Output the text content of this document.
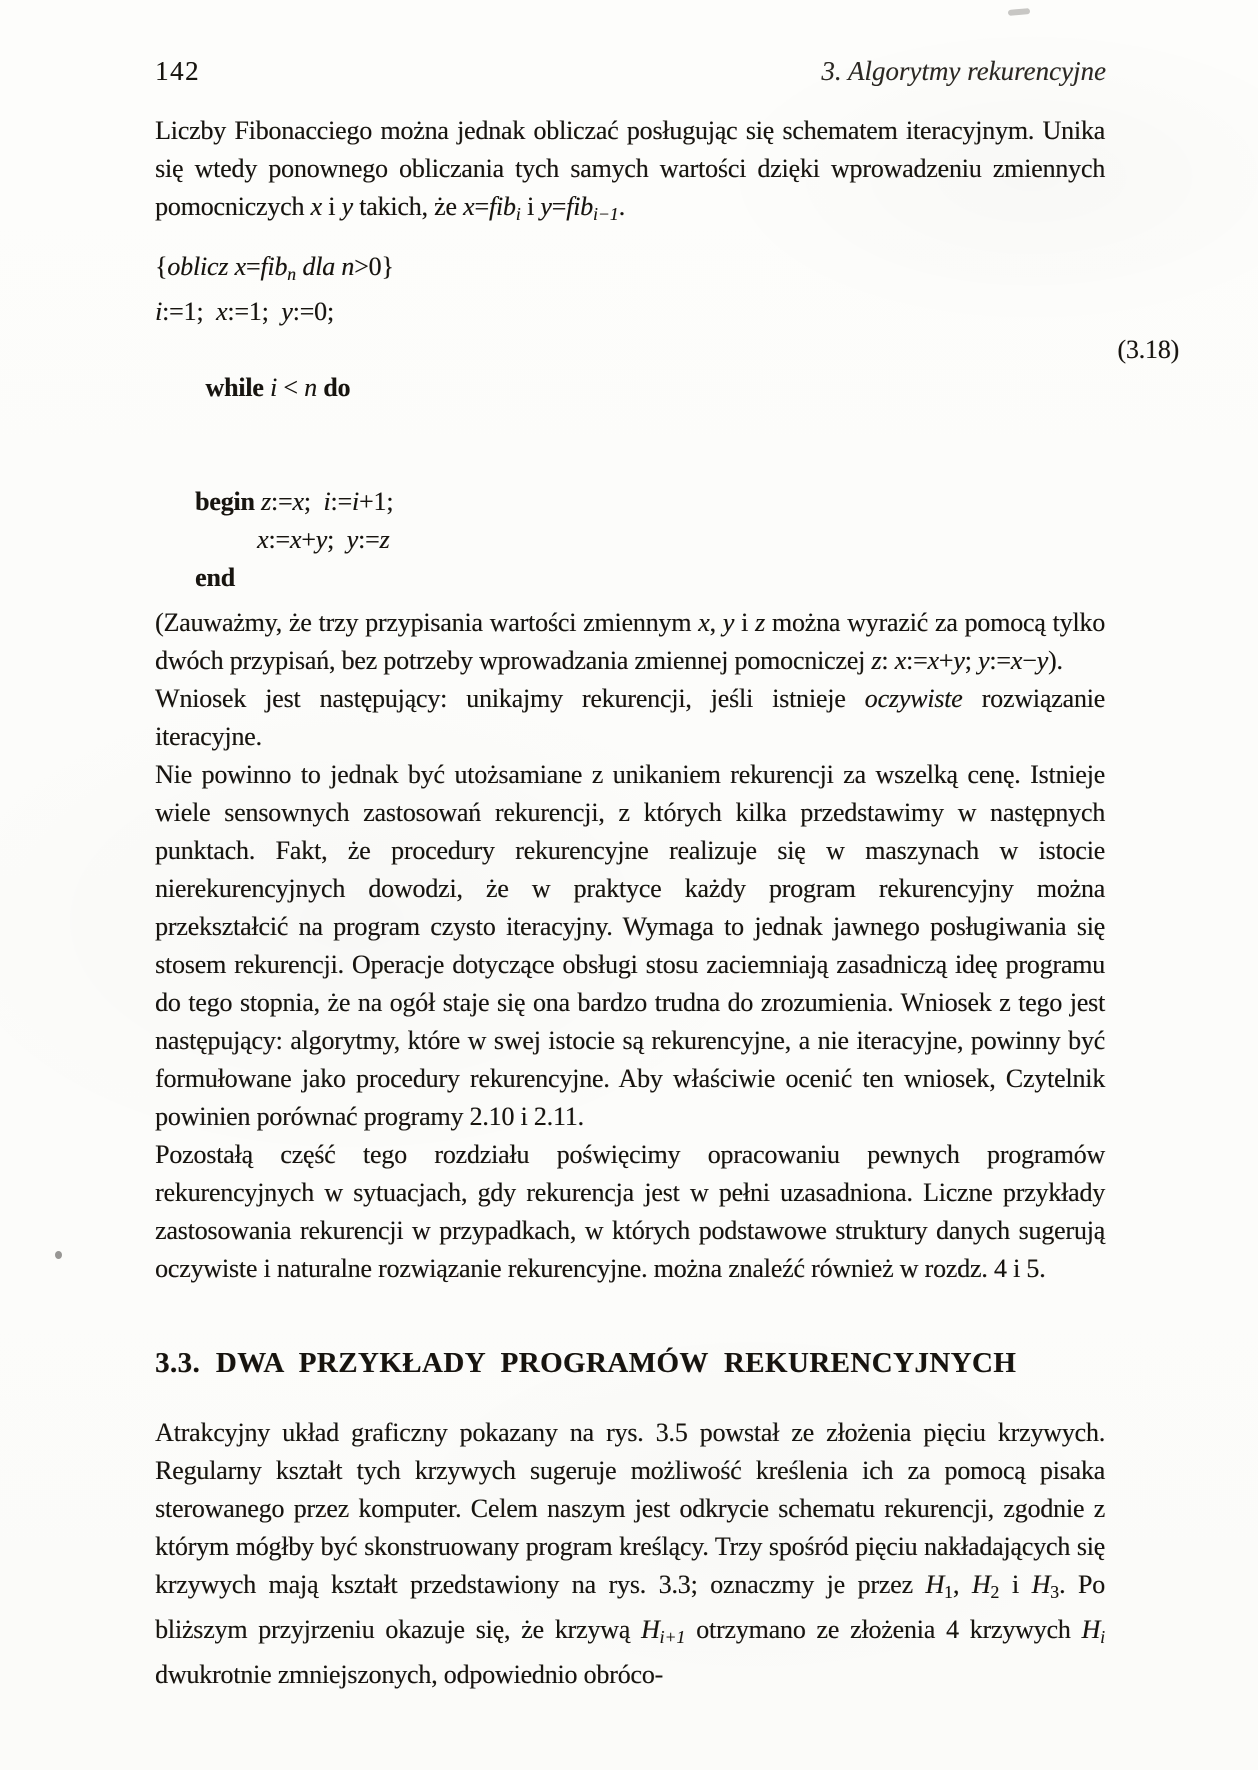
142	3. Algorytmy rekurencyjne

Liczby Fibonacciego można jednak obliczać posługując się schematem iteracyjnym. Unika się wtedy ponownego obliczania tych samych wartości dzięki wprowadzeniu zmiennych pomocniczych x i y takich, że x=fibi i y=fibi−1.

{oblicz x=fibn dla n>0}
i:=1;  x:=1;  y:=0;

while i < n do

(3.18)

begin z:=x;  i:=i+1;
x:=x+y;  y:=z
end

(Zauważmy, że trzy przypisania wartości zmiennym x, y i z można wyrazić za pomocą tylko dwóch przypisań, bez potrzeby wprowadzania zmiennej pomocniczej z: x:=x+y; y:=x−y).

Wniosek jest następujący: unikajmy rekurencji, jeśli istnieje oczywiste rozwiązanie iteracyjne.

Nie powinno to jednak być utożsamiane z unikaniem rekurencji za wszelką cenę. Istnieje wiele sensownych zastosowań rekurencji, z których kilka przedstawimy w następnych punktach. Fakt, że procedury rekurencyjne realizuje się w maszynach w istocie nierekurencyjnych dowodzi, że w praktyce każdy program rekurencyjny można przekształcić na program czysto iteracyjny. Wymaga to jednak jawnego posługiwania się stosem rekurencji. Operacje dotyczące obsługi stosu zaciemniają zasadniczą ideę programu do tego stopnia, że na ogół staje się ona bardzo trudna do zrozumienia. Wniosek z tego jest następujący: algorytmy, które w swej istocie są rekurencyjne, a nie iteracyjne, powinny być formułowane jako procedury rekurencyjne. Aby właściwie ocenić ten wniosek, Czytelnik powinien porównać programy 2.10 i 2.11.

Pozostałą część tego rozdziału poświęcimy opracowaniu pewnych programów rekurencyjnych w sytuacjach, gdy rekurencja jest w pełni uzasadniona. Liczne przykłady zastosowania rekurencji w przypadkach, w których podstawowe struktury danych sugerują oczywiste i naturalne rozwiązanie rekurencyjne. można znaleźć również w rozdz. 4 i 5.

3.3. DWA PRZYKŁADY PROGRAMÓW REKURENCYJNYCH

Atrakcyjny układ graficzny pokazany na rys. 3.5 powstał ze złożenia pięciu krzywych. Regularny kształt tych krzywych sugeruje możliwość kreślenia ich za pomocą pisaka sterowanego przez komputer. Celem naszym jest odkrycie schematu rekurencji, zgodnie z którym mógłby być skonstruowany program kreślący. Trzy spośród pięciu nakładających się krzywych mają kształt przedstawiony na rys. 3.3; oznaczmy je przez H1, H2 i H3. Po bliższym przyjrzeniu okazuje się, że krzywą Hi+1 otrzymano ze złożenia 4 krzywych Hi dwukrotnie zmniejszonych, odpowiednio obróco-
